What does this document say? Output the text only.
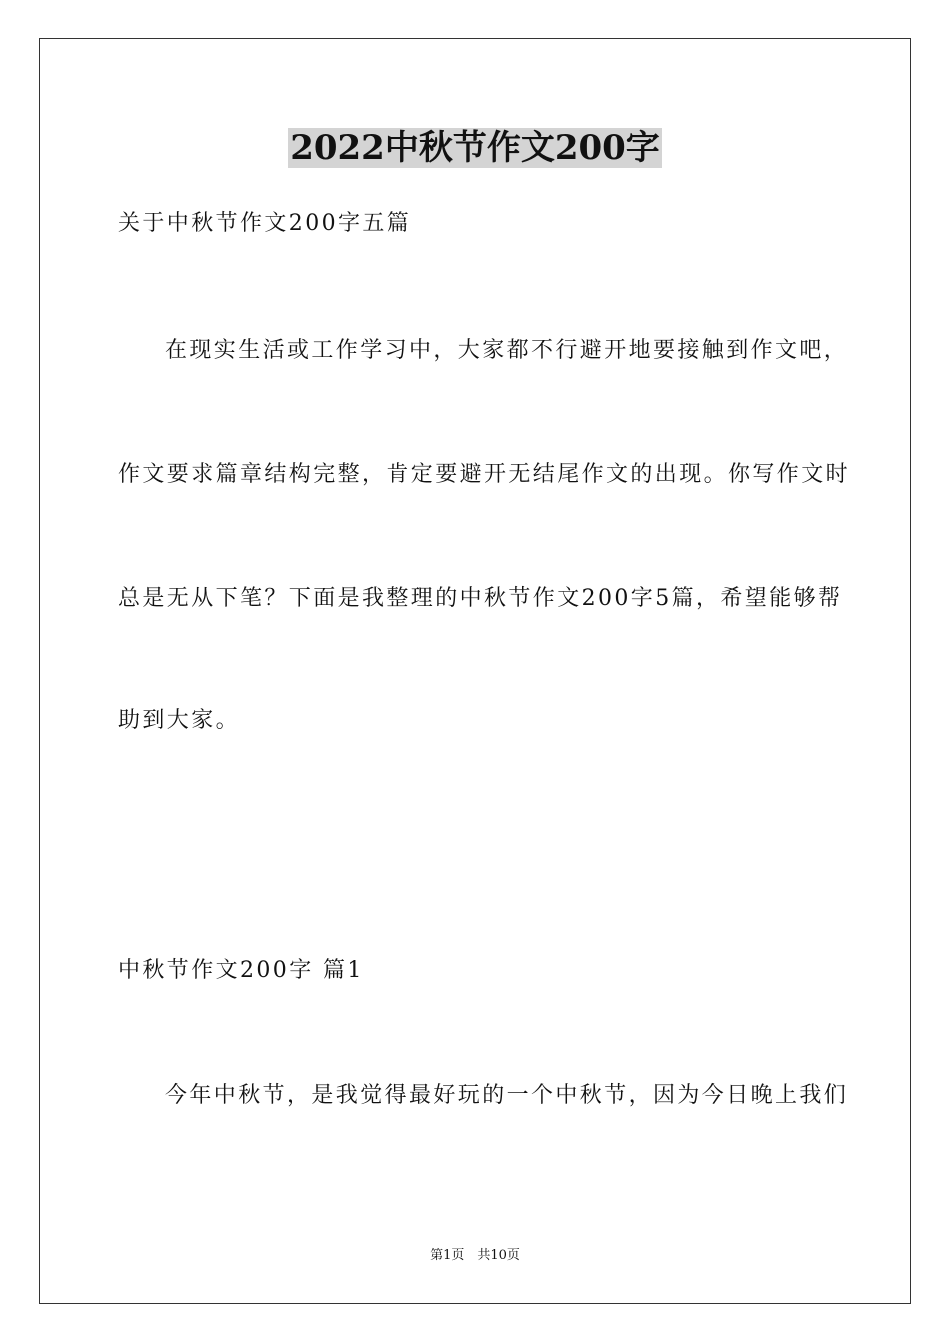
2022中秋节作文200字
关于中秋节作文200字五篇
在现实生活或工作学习中，大家都不行避开地要接触到作文吧，
作文要求篇章结构完整，肯定要避开无结尾作文的出现。你写作文时
总是无从下笔？下面是我整理的中秋节作文200字5篇，希望能够帮
助到大家。
中秋节作文200字 篇1
今年中秋节，是我觉得最好玩的一个中秋节，因为今日晚上我们
第1页　共10页
